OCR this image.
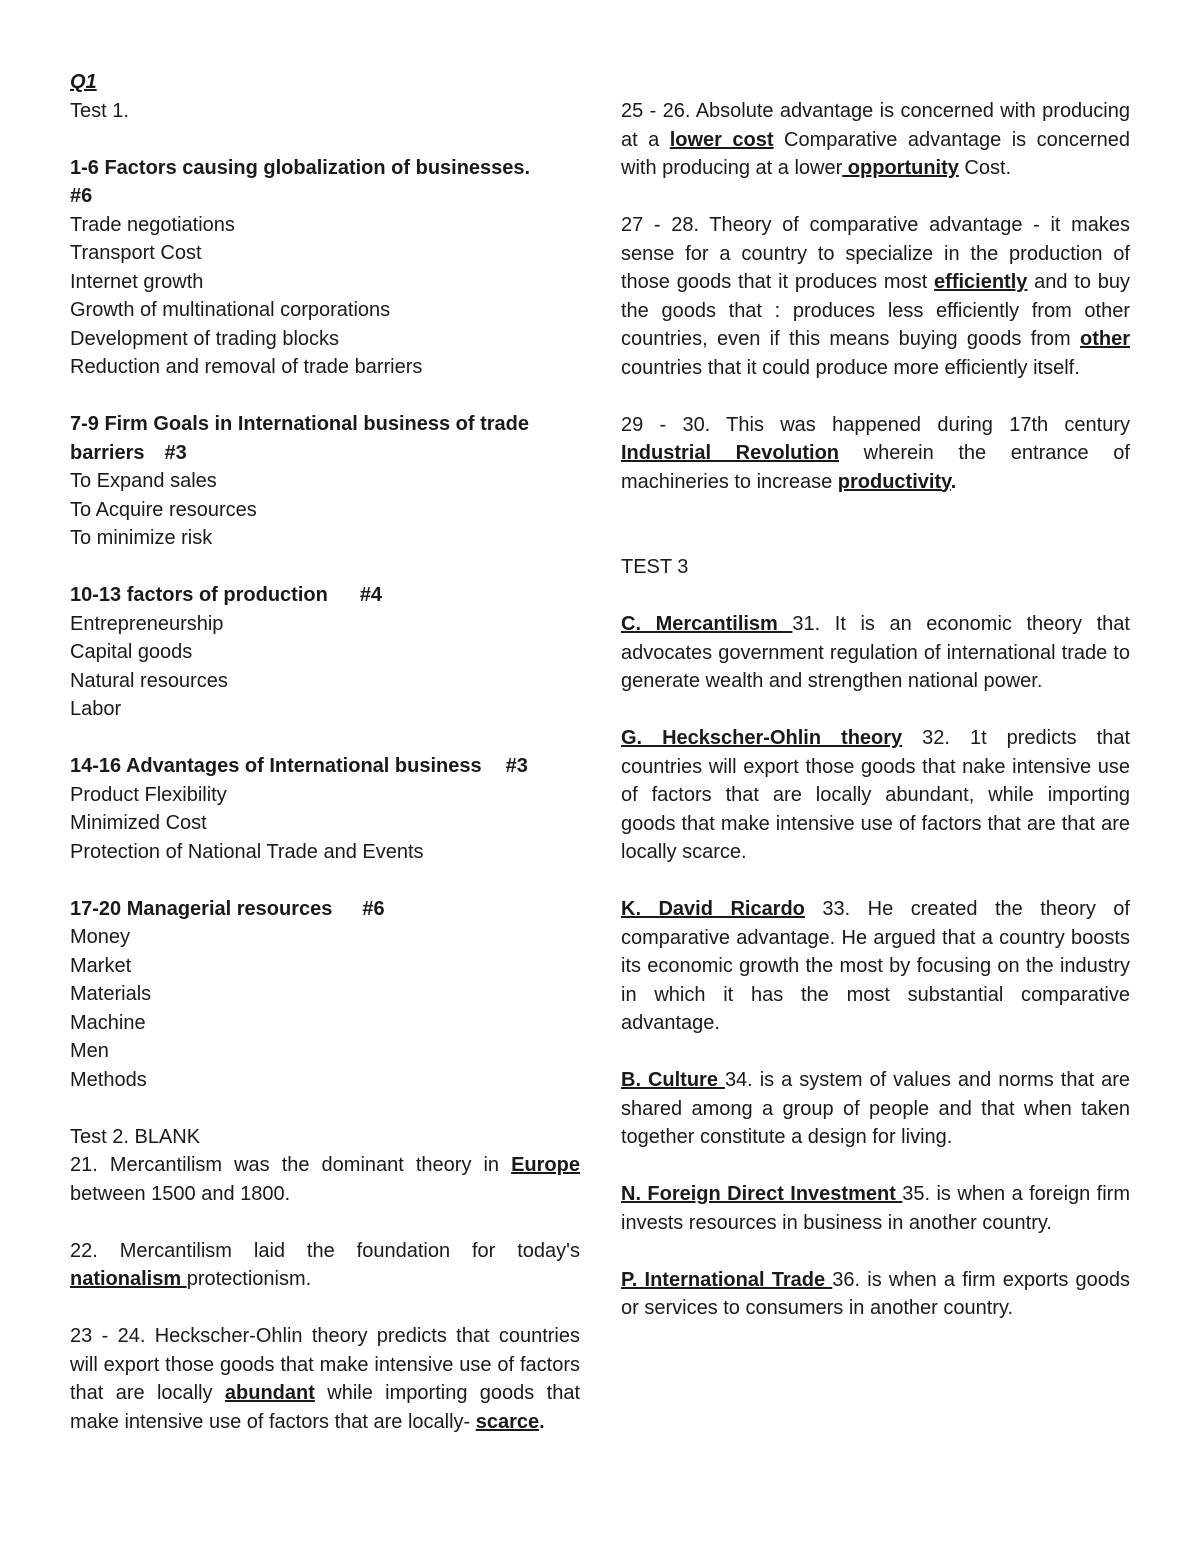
Q1
Test 1.
1-6 Factors causing globalization of businesses.
#6
Trade negotiations
Transport Cost
Internet growth
Growth of multinational corporations
Development of trading blocks
Reduction and removal of trade barriers
7-9 Firm Goals in International business of trade
barriers #3
To Expand sales
To Acquire resources
To minimize risk
10-13 factors of production #4
Entrepreneurship
Capital goods
Natural resources
Labor
14-16 Advantages of International business #3
Product Flexibility
Minimized Cost
Protection of National Trade and Events
17-20 Managerial resources #6
Money
Market
Materials
Machine
Men
Methods
Test 2. BLANK
21. Mercantilism was the dominant theory in Europe between 1500 and 1800.
22. Mercantilism laid the foundation for today's nationalism protectionism.
23 - 24. Heckscher-Ohlin theory predicts that countries will export those goods that make intensive use of factors that are locally abundant while importing goods that make intensive use of factors that are locally- scarce.
25 - 26. Absolute advantage is concerned with producing at a lower cost Comparative advantage is concerned with producing at a lower opportunity Cost.
27 - 28. Theory of comparative advantage - it makes sense for a country to specialize in the production of those goods that it produces most efficiently and to buy the goods that : produces less efficiently from other countries, even if this means buying goods from other countries that it could produce more efficiently itself.
29 - 30. This was happened during 17th century Industrial Revolution wherein the entrance of machineries to increase productivity.
TEST 3
C. Mercantilism 31. It is an economic theory that advocates government regulation of international trade to generate wealth and strengthen national power.
G. Heckscher-Ohlin theory 32. 1t predicts that countries will export those goods that nake intensive use of factors that are locally abundant, while importing goods that make intensive use of factors that are that are locally scarce.
K. David Ricardo 33. He created the theory of comparative advantage. He argued that a country boosts its economic growth the most by focusing on the industry in which it has the most substantial comparative advantage.
B. Culture 34. is a system of values and norms that are shared among a group of people and that when taken together constitute a design for living.
N. Foreign Direct Investment 35. is when a foreign firm invests resources in business in another country.
P. International Trade 36. is when a firm exports goods or services to consumers in another country.
